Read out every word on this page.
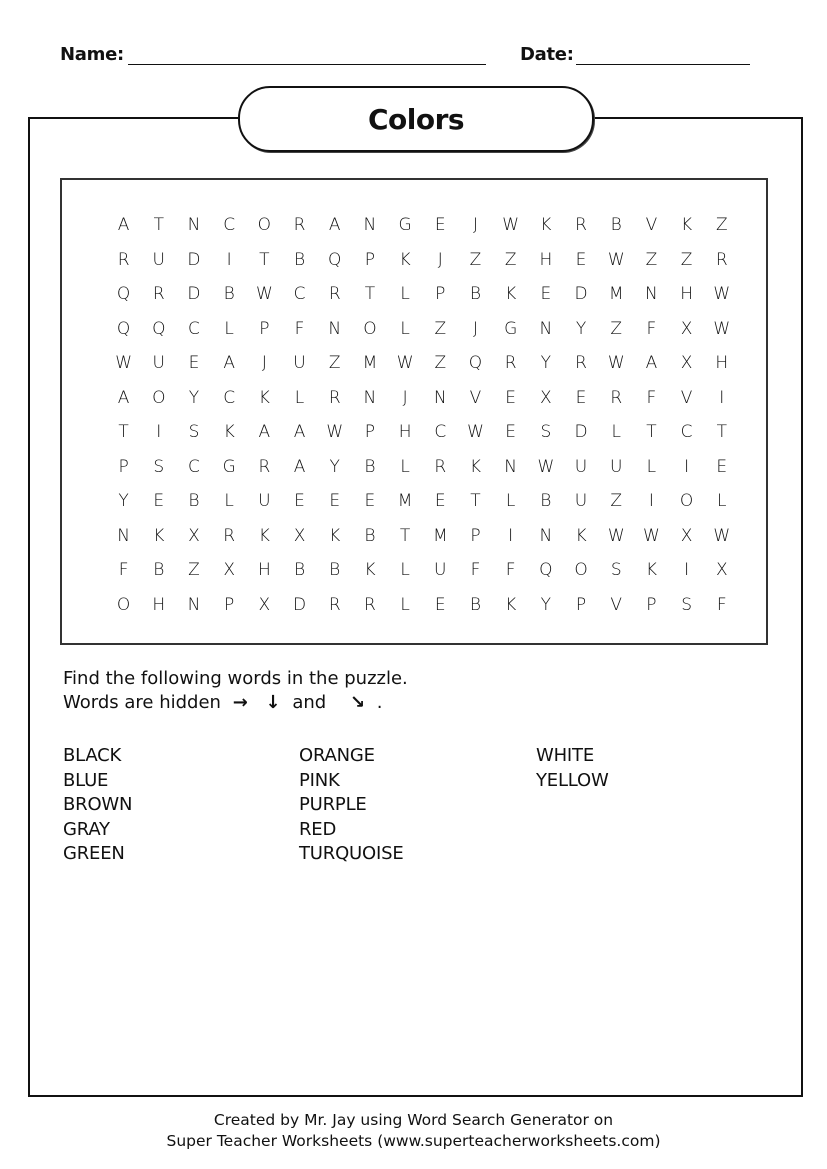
Name:	Date:
Colors
A	T	N	C	O	R	A	N	G	E	J	W	K	R	B	V	K	Z
R	U	D	I	T	B	Q	P	K	J	Z	Z	H	E	W	Z	Z	R
Q	R	D	B	W	C	R	T	L	P	B	K	E	D	M	N	H	W
Q	Q	C	L	P	F	N	O	L	Z	J	G	N	Y	Z	F	X	W
W	U	E	A	J	U	Z	M	W	Z	Q	R	Y	R	W	A	X	H
A	O	Y	C	K	L	R	N	J	N	V	E	X	E	R	F	V	I
T	I	S	K	A	A	W	P	H	C	W	E	S	D	L	T	C	T
P	S	C	G	R	A	Y	B	L	R	K	N	W	U	U	L	I	E
Y	E	B	L	U	E	E	E	M	E	T	L	B	U	Z	I	O	L
N	K	X	R	K	X	K	B	T	M	P	I	N	K	W	W	X	W
F	B	Z	X	H	B	B	K	L	U	F	F	Q	O	S	K	I	X
O	H	N	P	X	D	R	R	L	E	B	K	Y	P	V	P	S	F
Find the following words in the puzzle.
Words are hidden → ↓ and ↘ .
BLACK
BLUE
BROWN
GRAY
GREEN
ORANGE
PINK
PURPLE
RED
TURQUOISE
WHITE
YELLOW
Created by Mr. Jay using Word Search Generator on
Super Teacher Worksheets (www.superteacherworksheets.com)
